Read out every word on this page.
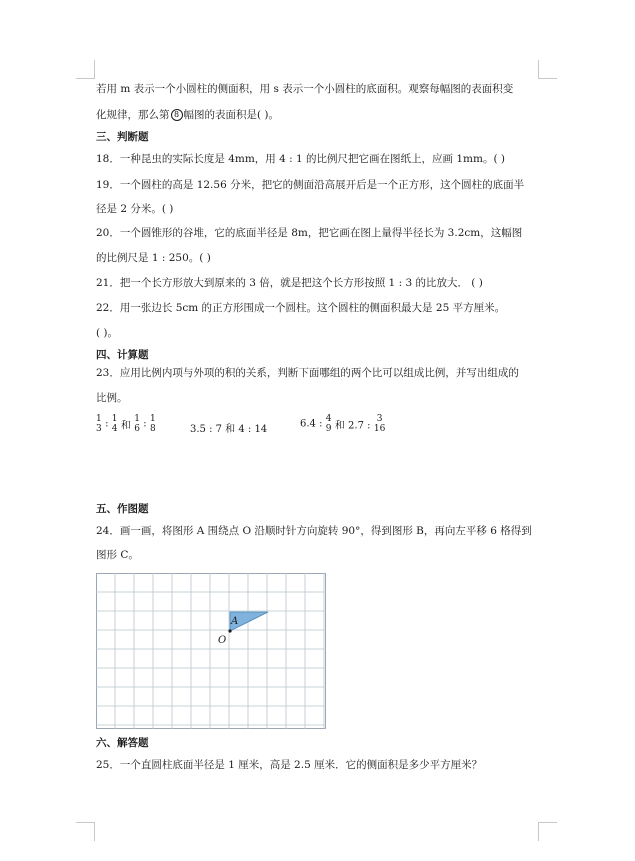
若用 m 表示一个小圆柱的侧面积，用 s 表示一个小圆柱的底面积。观察每幅图的表面积变
化规律，那么第 8 幅图的表面积是( )。
三、判断题
18．一种昆虫的实际长度是 4mm，用 4 : 1 的比例尺把它画在图纸上，应画 1mm。( )
19．一个圆柱的高是 12.56 分米，把它的侧面沿高展开后是一个正方形，这个圆柱的底面半
径是 2 分米。( )
20．一个圆锥形的谷堆，它的底面半径是 8m，把它画在图上量得半径长为 3.2cm，这幅图
的比例尺是 1 : 250。( )
21．把一个长方形放大到原来的 3 倍，就是把这个长方形按照 1 : 3 的比放大． ( )
22．用一张边长 5cm 的正方形围成一个圆柱。这个圆柱的侧面积最大是 25 平方厘米。
( )。
四、计算题
23．应用比例内项与外项的积的关系，判断下面哪组的两个比可以组成比例，并写出组成的
比例。
1
3 : 1
4 和
1
6 : 1
8	3.5 : 7 和 4 : 14	6.4 : 4
9 和 2.7 :
3
16
五、作图题
24．画一画，将图形 A 围绕点 O 沿顺时针方向旋转 90°，得到图形 B，再向左平移 6 格得到
图形 C。
A
O
六、解答题
25．一个直圆柱底面半径是 1 厘米，高是 2.5 厘米．它的侧面积是多少平方厘米？
